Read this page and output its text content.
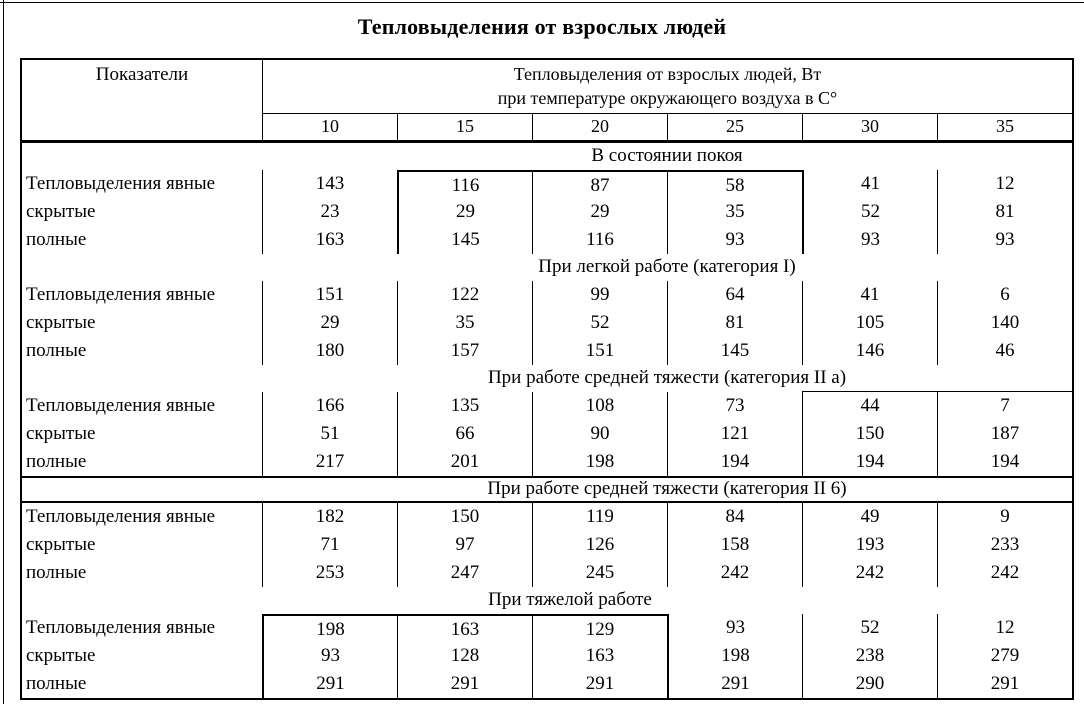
Тепловыделения от взрослых людей
Показатели	Тепловыделения от взрослых людей, Вт
при температуре окружающего воздуха в С°
10	15	20	25	30	35
В состоянии покоя
Тепловыделения явные	143	116	87	58	41	12
скрытые	23	29	29	35	52	81
полные	163	145	116	93	93	93
При легкой работе (категория I)
Тепловыделения явные	151	122	99	64	41	6
скрытые	29	35	52	81	105	140
полные	180	157	151	145	146	46
При работе средней тяжести (категория II а)
Тепловыделения явные	166	135	108	73	44	7
скрытые	51	66	90	121	150	187
полные	217	201	198	194	194	194
При работе средней тяжести (категория II 6)
Тепловыделения явные	182	150	119	84	49	9
скрытые	71	97	126	158	193	233
полные	253	247	245	242	242	242
При тяжелой работе
Тепловыделения явные	198	163	129	93	52	12
скрытые	93	128	163	198	238	279
полные	291	291	291	291	290	291
